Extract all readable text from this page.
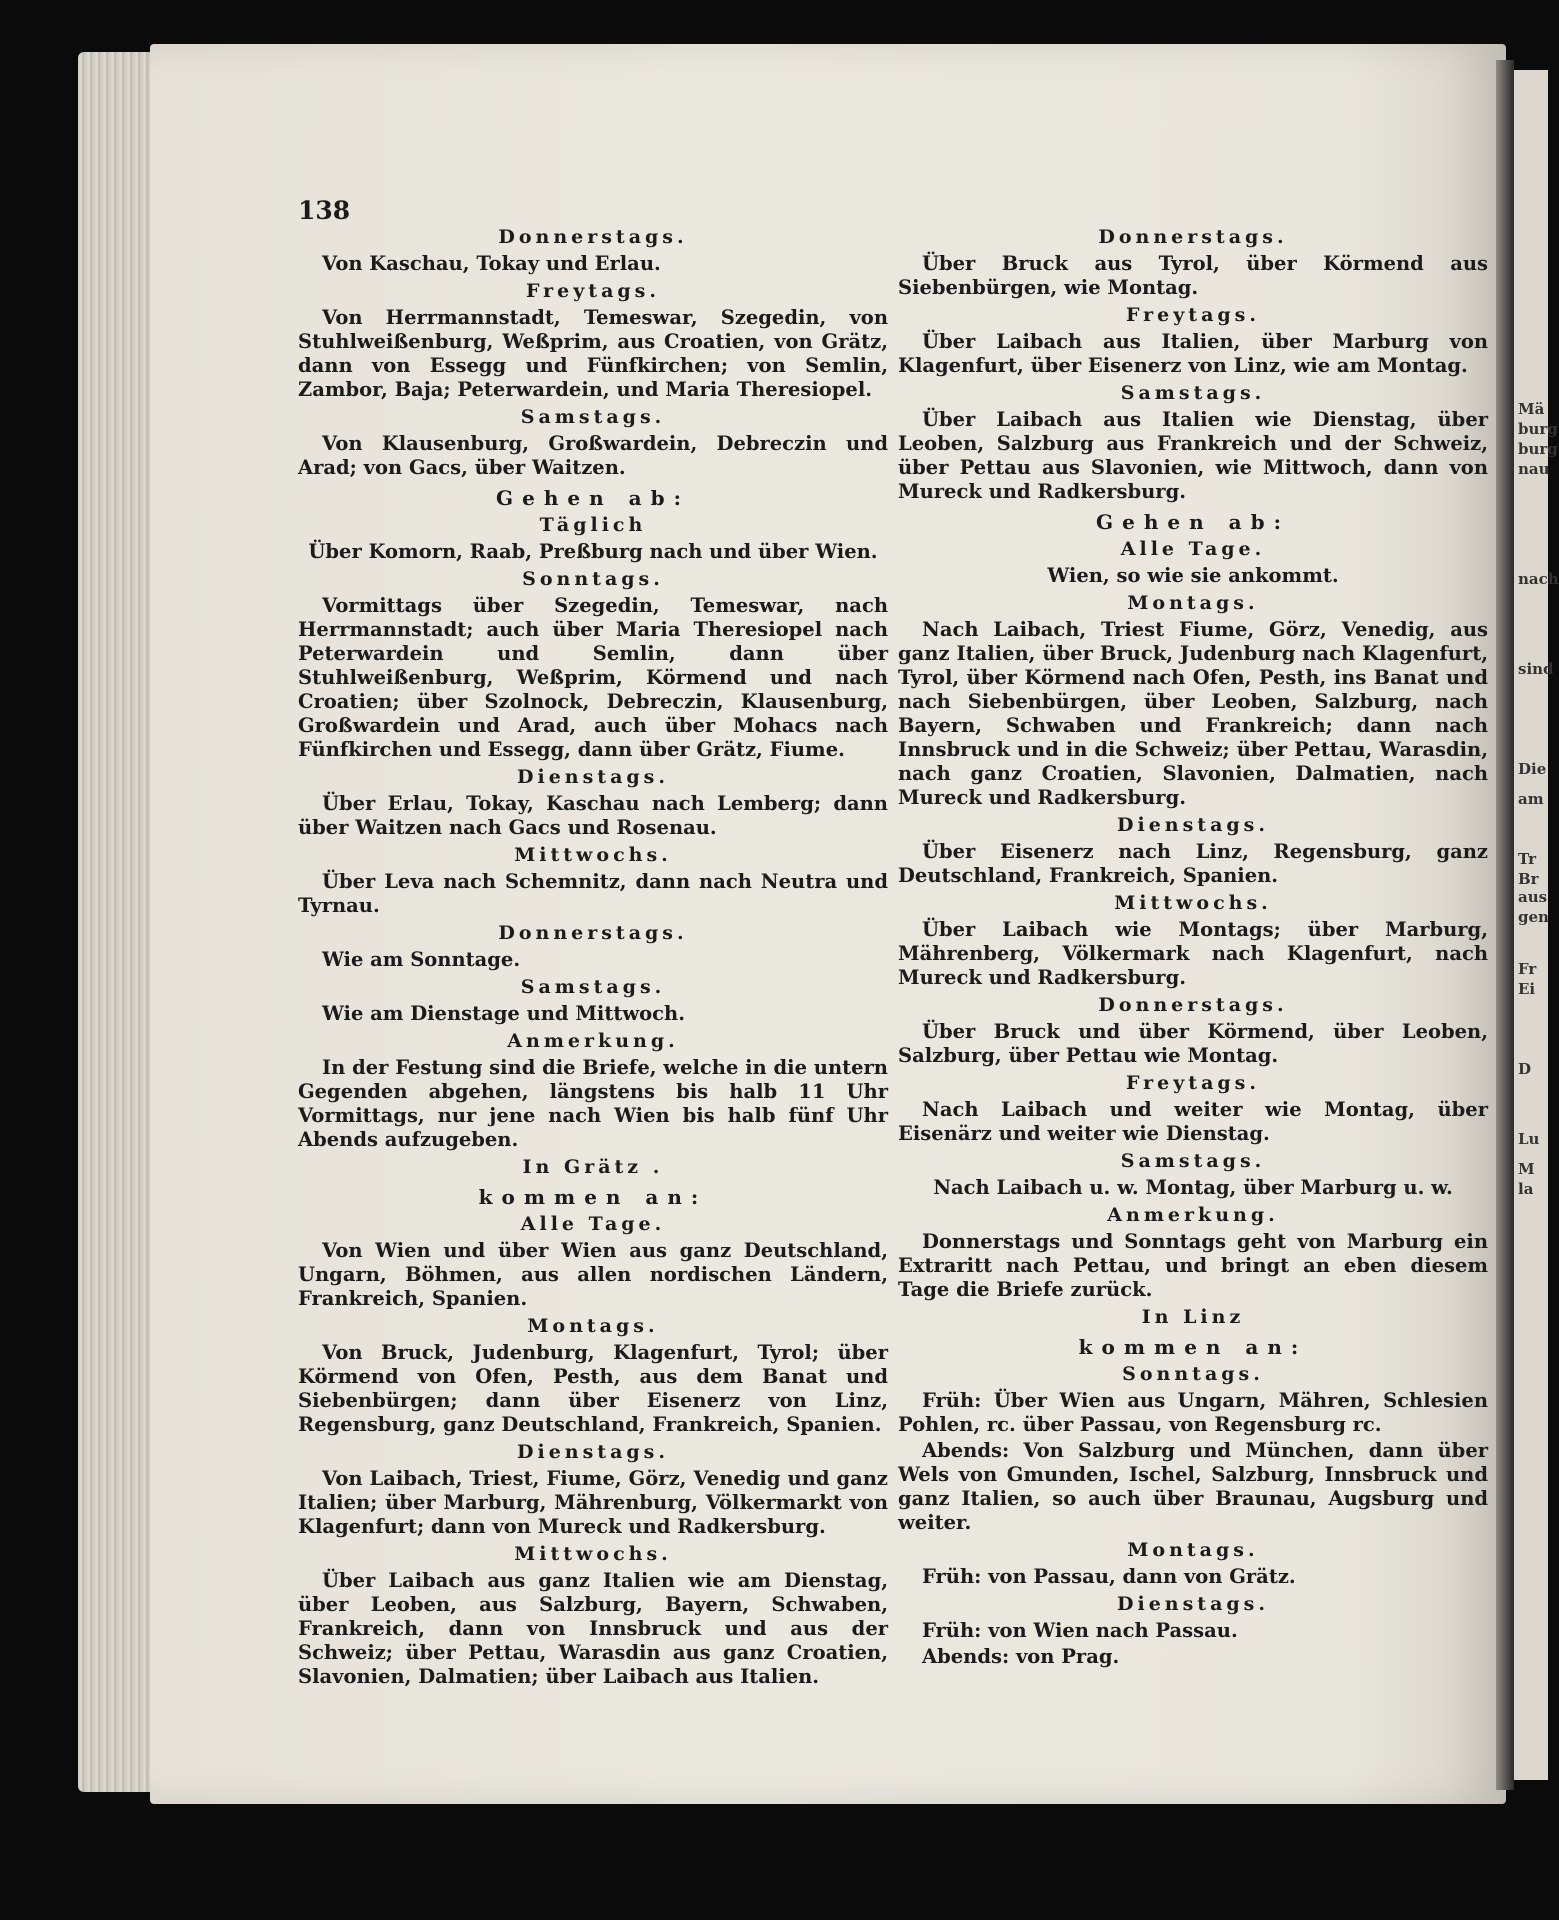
Mä
burg
burg
nau
nach
sind
Die
am
Tr
Br
aus
gen
Fr
Ei
D
Lu
M
la
138
Donnerstags.
Von Kaschau, Tokay und Erlau.
Freytags.
Von Herrmannstadt, Temeswar, Szegedin, von Stuhlweißenburg, Weßprim, aus Croatien, von Grätz, dann von Essegg und Fünfkirchen; von Semlin, Zambor, Baja; Peterwardein, und Maria Theresiopel.
Samstags.
Von Klausenburg, Großwardein, Debreczin und Arad; von Gacs, über Waitzen.
Gehen ab:
Täglich
Über Komorn, Raab, Preßburg nach und über Wien.
Sonntags.
Vormittags über Szegedin, Temeswar, nach Herrmannstadt; auch über Maria Theresiopel nach Peterwardein und Semlin, dann über Stuhlweißenburg, Weßprim, Körmend und nach Croatien; über Szolnock, Debreczin, Klausenburg, Großwardein und Arad, auch über Mohacs nach Fünfkirchen und Essegg, dann über Grätz, Fiume.
Dienstags.
Über Erlau, Tokay, Kaschau nach Lemberg; dann über Waitzen nach Gacs und Rosenau.
Mittwochs.
Über Leva nach Schemnitz, dann nach Neutra und Tyrnau.
Donnerstags.
Wie am Sonntage.
Samstags.
Wie am Dienstage und Mittwoch.
Anmerkung.
In der Festung sind die Briefe, welche in die untern Gegenden abgehen, längstens bis halb 11 Uhr Vormittags, nur jene nach Wien bis halb fünf Uhr Abends aufzugeben.
In Grätz .
kommen an:
Alle Tage.
Von Wien und über Wien aus ganz Deutschland, Ungarn, Böhmen, aus allen nordischen Ländern, Frankreich, Spanien.
Montags.
Von Bruck, Judenburg, Klagenfurt, Tyrol; über Körmend von Ofen, Pesth, aus dem Banat und Siebenbürgen; dann über Eisenerz von Linz, Regensburg, ganz Deutschland, Frankreich, Spanien.
Dienstags.
Von Laibach, Triest, Fiume, Görz, Venedig und ganz Italien; über Marburg, Mährenburg, Völkermarkt von Klagenfurt; dann von Mureck und Radkersburg.
Mittwochs.
Über Laibach aus ganz Italien wie am Dienstag, über Leoben, aus Salzburg, Bayern, Schwaben, Frankreich, dann von Innsbruck und aus der Schweiz; über Pettau, Warasdin aus ganz Croatien, Slavonien, Dalmatien; über Laibach aus Italien.
Donnerstags.
Über Bruck aus Tyrol, über Körmend aus Siebenbürgen, wie Montag.
Freytags.
Über Laibach aus Italien, über Marburg von Klagenfurt, über Eisenerz von Linz, wie am Montag.
Samstags.
Über Laibach aus Italien wie Dienstag, über Leoben, Salzburg aus Frankreich und der Schweiz, über Pettau aus Slavonien, wie Mittwoch, dann von Mureck und Radkersburg.
Gehen ab:
Alle Tage.
Wien, so wie sie ankommt.
Montags.
Nach Laibach, Triest Fiume, Görz, Venedig, aus ganz Italien, über Bruck, Judenburg nach Klagenfurt, Tyrol, über Körmend nach Ofen, Pesth, ins Banat und nach Siebenbürgen, über Leoben, Salzburg, nach Bayern, Schwaben und Frankreich; dann nach Innsbruck und in die Schweiz; über Pettau, Warasdin, nach ganz Croatien, Slavonien, Dalmatien, nach Mureck und Radkersburg.
Dienstags.
Über Eisenerz nach Linz, Regensburg, ganz Deutschland, Frankreich, Spanien.
Mittwochs.
Über Laibach wie Montags; über Marburg, Mährenberg, Völkermark nach Klagenfurt, nach Mureck und Radkersburg.
Donnerstags.
Über Bruck und über Körmend, über Leoben, Salzburg, über Pettau wie Montag.
Freytags.
Nach Laibach und weiter wie Montag, über Eisenärz und weiter wie Dienstag.
Samstags.
Nach Laibach u. w. Montag, über Marburg u. w.
Anmerkung.
Donnerstags und Sonntags geht von Marburg ein Extraritt nach Pettau, und bringt an eben diesem Tage die Briefe zurück.
In Linz
kommen an:
Sonntags.
Früh: Über Wien aus Ungarn, Mähren, Schlesien Pohlen, rc. über Passau, von Regensburg rc.
Abends: Von Salzburg und München, dann über Wels von Gmunden, Ischel, Salzburg, Innsbruck und ganz Italien, so auch über Braunau, Augsburg und weiter.
Montags.
Früh: von Passau, dann von Grätz.
Dienstags.
Früh: von Wien nach Passau.
Abends: von Prag.
